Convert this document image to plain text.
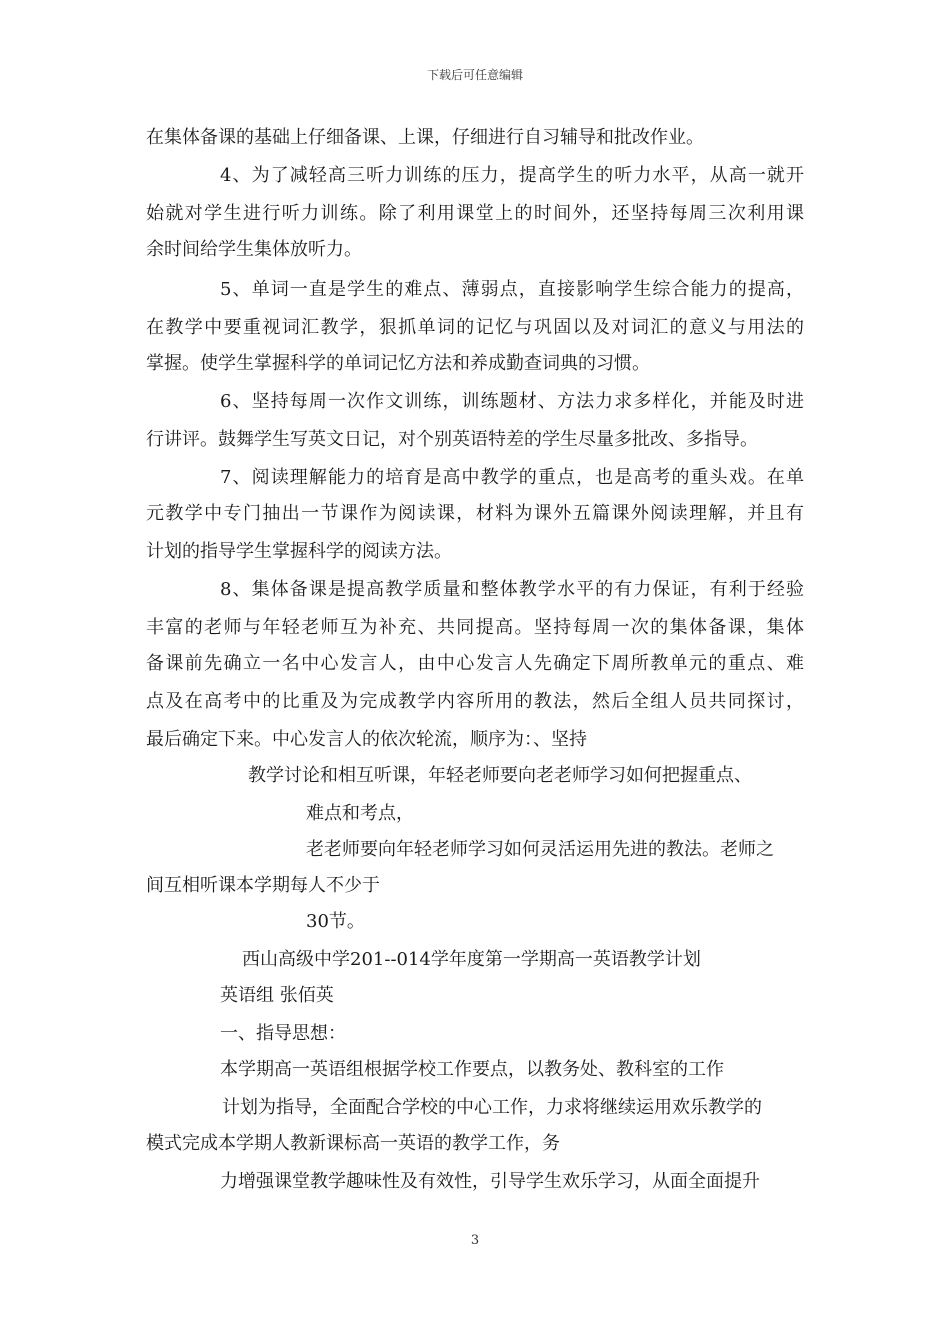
下载后可任意编辑
在集体备课的基础上仔细备课、上课，仔细进行自习辅导和批改作业。
4、为了减轻高三听力训练的压力，提高学生的听力水平，从高一就开
始就对学生进行听力训练。除了利用课堂上的时间外，还坚持每周三次利用课
余时间给学生集体放听力。
5、单词一直是学生的难点、薄弱点，直接影响学生综合能力的提高，
在教学中要重视词汇教学，狠抓单词的记忆与巩固以及对词汇的意义与用法的
掌握。使学生掌握科学的单词记忆方法和养成勤查词典的习惯。
6、坚持每周一次作文训练，训练题材、方法力求多样化，并能及时进
行讲评。鼓舞学生写英文日记，对个别英语特差的学生尽量多批改、多指导。
7、阅读理解能力的培育是高中教学的重点，也是高考的重头戏。在单
元教学中专门抽出一节课作为阅读课，材料为课外五篇课外阅读理解，并且有
计划的指导学生掌握科学的阅读方法。
8、集体备课是提高教学质量和整体教学水平的有力保证，有利于经验
丰富的老师与年轻老师互为补充、共同提高。坚持每周一次的集体备课，集体
备课前先确立一名中心发言人，由中心发言人先确定下周所教单元的重点、难
点及在高考中的比重及为完成教学内容所用的教法，然后全组人员共同探讨，
最后确定下来。中心发言人的依次轮流，顺序为：、坚持
教学讨论和相互听课，年轻老师要向老老师学习如何把握重点、
难点和考点，
老老师要向年轻老师学习如何灵活运用先进的教法。老师之
间互相听课本学期每人不少于
30节。
西山高级中学201--014学年度第一学期高一英语教学计划
英语组 张佰英
一、指导思想：
本学期高一英语组根据学校工作要点，以教务处、教科室的工作
计划为指导，全面配合学校的中心工作，力求将继续运用欢乐教学的
模式完成本学期人教新课标高一英语的教学工作，务
力增强课堂教学趣味性及有效性，引导学生欢乐学习，从面全面提升
3
